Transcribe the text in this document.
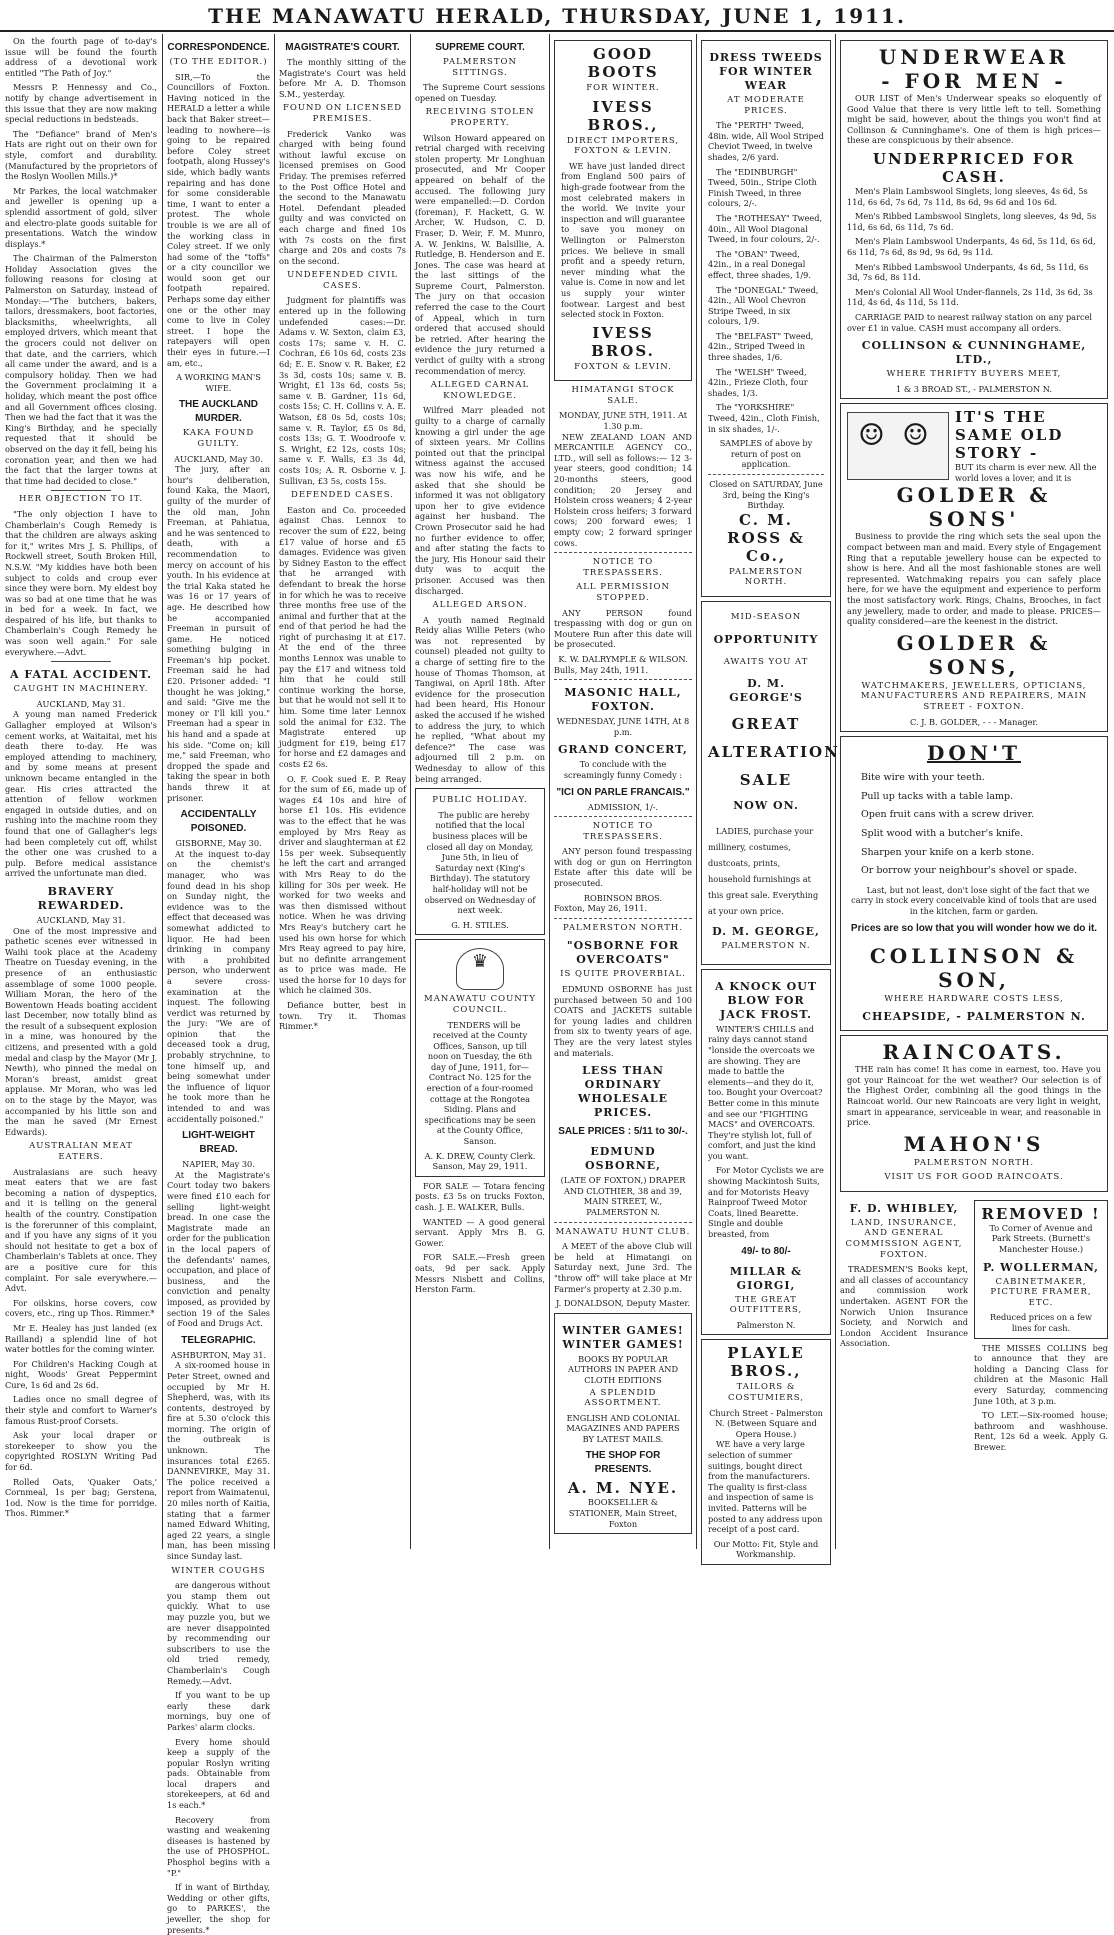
THE MANAWATU HERALD, THURSDAY, JUNE 1, 1911.

On the fourth page of to-day's issue will be found the fourth address of a devotional work entitled "The Path of Joy."

Messrs P. Hennessy and Co., notify by change advertisement in this issue that they are now making special reductions in bedsteads.

The "Defiance" brand of Men's Hats are right out on their own for style, comfort and durability. (Manufactured by the proprietors of the Roslyn Woollen Mills.)*

Mr Parkes, the local watchmaker and jeweller is opening up a splendid assortment of gold, silver and electro-plate goods suitable for presentations. Watch the window displays.*

The Chairman of the Palmerston Holiday Association gives the following reasons for closing at Palmerston on Saturday, instead of Monday:—"The butchers, bakers, tailors, dressmakers, boot factories, blacksmiths, wheelwrights, all employed drivers, which meant that the grocers could not deliver on that date, and the carriers, which all came under the award, and is a compulsory holiday. Then we had the Government proclaiming it a holiday, which meant the post office and all Government offices closing. Then we had the fact that it was the King's Birthday, and he specially requested that it should be observed on the day it fell, being his coronation year, and then we had the fact that the larger towns at that time had decided to close."

HER OBJECTION TO IT.

"The only objection I have to Chamberlain's Cough Remedy is that the children are always asking for it," writes Mrs J. S. Phillips, of Rockwell street, South Broken Hill, N.S.W. "My kiddies have both been subject to colds and croup ever since they were born. My eldest boy was so bad at one time that he was in bed for a week. In fact, we despaired of his life, but thanks to Chamberlain's Cough Remedy he was soon well again." For sale everywhere.—Advt.

A FATAL ACCIDENT.
CAUGHT IN MACHINERY.
AUCKLAND, May 31.

A young man named Frederick Gallagher employed at Wilson's cement works, at Waitaitai, met his death there to-day. He was employed attending to machinery, and by some means at present unknown became entangled in the gear. His cries attracted the attention of fellow workmen engaged in outside duties, and on rushing into the machine room they found that one of Gallagher's legs had been completely cut off, whilst the other one was crushed to a pulp. Before medical assistance arrived the unfortunate man died.

BRAVERY REWARDED.
AUCKLAND, May 31.

One of the most impressive and pathetic scenes ever witnessed in Waihi took place at the Academy Theatre on Tuesday evening, in the presence of an enthusiastic assemblage of some 1000 people. William Moran, the hero of the Bowentown Heads boating accident last December, now totally blind as the result of a subsequent explosion in a mine, was honoured by the citizens, and presented with a gold medal and clasp by the Mayor (Mr J. Newth), who pinned the medal on Moran's breast, amidst great applause. Mr Moran, who was led on to the stage by the Mayor, was accompanied by his little son and the man he saved (Mr Ernest Edwards).

AUSTRALIAN MEAT EATERS.

Australasians are such heavy meat eaters that we are fast becoming a nation of dyspeptics, and it is telling on the general health of the country. Constipation is the forerunner of this complaint, and if you have any signs of it you should not hesitate to get a box of Chamberlain's Tablets at once. They are a positive cure for this complaint. For sale everywhere.—Advt.

For oilskins, horse covers, cow covers, etc., ring up Thos. Rimmer.*

Mr E. Healey has just landed (ex Railland) a splendid line of hot water bottles for the coming winter.

For Children's Hacking Cough at night, Woods' Great Peppermint Cure, 1s 6d and 2s 6d.

Ladies once no small degree of their style and comfort to Warner's famous Rust-proof Corsets.

Ask your local draper or storekeeper to show you the copyrighted ROSLYN Writing Pad for 6d.

Rolled Oats, 'Quaker Oats,' Cornmeal, 1s per bag; Gerstena, 1od. Now is the time for porridge. Thos. Rimmer.*

CORRESPONDENCE.
(TO THE EDITOR.)

SIR,—To the Councillors of Foxton. Having noticed in the HERALD a letter a while back that Baker street—leading to nowhere—is going to be repaired before Coley street footpath, along Hussey's side, which badly wants repairing and has done for some considerable time, I want to enter a protest. The whole trouble is we are all of the working class in Coley street. If we only had some of the "toffs" or a city councillor we would soon get our footpath repaired. Perhaps some day either one or the other may come to live in Coley street. I hope the ratepayers will open their eyes in future.—I am, etc.,

A WORKING MAN'S WIFE.
THE AUCKLAND MURDER.
KAKA FOUND GUILTY.
AUCKLAND, May 30.

The jury, after an hour's deliberation, found Kaka, the Maori, guilty of the murder of the old man, John Freeman, at Pahiatua, and he was sentenced to death, with a recommendation to mercy on account of his youth. In his evidence at the trial Kaka stated he was 16 or 17 years of age. He described how he accompanied Freeman in pursuit of game. He noticed something bulging in Freeman's hip pocket. Freeman said he had £20. Prisoner added: "I thought he was joking," and said: "Give me the money or I'll kill you." Freeman had a spear in his hand and a spade at his side. "Come on; kill me," said Freeman, who dropped the spade and taking the spear in both hands threw it at prisoner.

ACCIDENTALLY POISONED.
GISBORNE, May 30.

At the inquest to-day on the chemist's manager, who was found dead in his shop on Sunday night, the evidence was to the effect that deceased was somewhat addicted to liquor. He had been drinking in company with a prohibited person, who underwent a severe cross-examination at the inquest. The following verdict was returned by the jury: "We are of opinion that the deceased took a drug, probably strychnine, to tone himself up, and being somewhat under the influence of liquor he took more than he intended to and was accidentally poisoned."

LIGHT-WEIGHT BREAD.
NAPIER, May 30.

At the Magistrate's Court today two bakers were fined £10 each for selling light-weight bread. In one case the Magistrate made an order for the publication in the local papers of the defendants' names, occupation, and place of business, and the conviction and penalty imposed, as provided by section 19 of the Sales of Food and Drugs Act.

TELEGRAPHIC.
ASHBURTON, May 31.

A six-roomed house in Peter Street, owned and occupied by Mr H. Shepherd, was, with its contents, destroyed by fire at 5.30 o'clock this morning. The origin of the outbreak is unknown. The insurances total £265. DANNEVIRKE, May 31. The police received a report from Waimatenui, 20 miles north of Kaitia, stating that a farmer named Edward Whiting, aged 22 years, a single man, has been missing since Sunday last.

WINTER COUGHS

are dangerous without you stamp them out quickly. What to use may puzzle you, but we are never disappointed by recommending our subscribers to use the old tried remedy, Chamberlain's Cough Remedy.—Advt.

If you want to be up early these dark mornings, buy one of Parkes' alarm clocks.

Every home should keep a supply of the popular Roslyn writing pads. Obtainable from local drapers and storekeepers, at 6d and 1s each.*

Recovery from wasting and weakening diseases is hastened by the use of PHOSPHOL. Phosphol begins with a "P."

If in want of Birthday, Wedding or other gifts, go to PARKES', the jeweller, the shop for presents.*

MAGISTRATE'S COURT.

The monthly sitting of the Magistrate's Court was held before Mr A. D. Thomson S.M., yesterday.

FOUND ON LICENSED PREMISES.

Frederick Vanko was charged with being found without lawful excuse on licensed premises on Good Friday. The premises referred to the Post Office Hotel and the second to the Manawatu Hotel. Defendant pleaded guilty and was convicted on each charge and fined 10s with 7s costs on the first charge and 20s and costs 7s on the second.

UNDEFENDED CIVIL CASES.

Judgment for plaintiffs was entered up in the following undefended cases:—Dr. Adams v. W. Sexton, claim £3, costs 17s; same v. H. C. Cochran, £6 10s 6d, costs 23s 6d; E. E. Snow v. R. Baker, £2 3s 3d, costs 10s; same v. B. Wright, £1 13s 6d, costs 5s; same v. B. Gardner, 11s 6d, costs 15s; C. H. Collins v. A. E. Watson, £8 0s 5d, costs 10s; same v. R. Taylor, £5 0s 8d, costs 13s; G. T. Woodroofe v. S. Wright, £2 12s, costs 10s; same v. F. Walls, £3 3s 4d, costs 10s; A. R. Osborne v. J. Sullivan, £3 5s, costs 15s.

DEFENDED CASES.

Easton and Co. proceeded against Chas. Lennox to recover the sum of £22, being £17 value of horse and £5 damages. Evidence was given by Sidney Easton to the effect that he arranged with defendant to break the horse in for which he was to receive three months free use of the animal and further that at the end of that period he had the right of purchasing it at £17. At the end of the three months Lennox was unable to pay the £17 and witness told him that he could still continue working the horse, but that he would not sell it to him. Some time later Lennox sold the animal for £32. The Magistrate entered up judgment for £19, being £17 for horse and £2 damages and costs £2 6s.

O. F. Cook sued E. P. Reay for the sum of £6, made up of wages £4 10s and hire of horse £1 10s. His evidence was to the effect that he was employed by Mrs Reay as driver and slaughterman at £2 15s per week. Subsequently he left the cart and arranged with Mrs Reay to do the killing for 30s per week. He worked for two weeks and was then dismissed without notice. When he was driving Mrs Reay's butchery cart he used his own horse for which Mrs Reay agreed to pay hire, but no definite arrangement as to price was made. He used the horse for 10 days for which he claimed 30s.

Defiance butter, best in town. Try it. Thomas Rimmer.*

SUPREME COURT.
PALMERSTON SITTINGS.

The Supreme Court sessions opened on Tuesday.

RECEIVING STOLEN PROPERTY.

Wilson Howard appeared on retrial charged with receiving stolen property. Mr Longhuan prosecuted, and Mr Cooper appeared on behalf of the accused. The following jury were empanelled:—D. Cordon (foreman), F. Hackett, G. W. Archer, W. Hudson, C. D. Fraser, D. Weir, F. M. Munro, A. W. Jenkins, W. Balsillie, A. Rutledge, B. Henderson and E. Jones. The case was heard at the last sittings of the Supreme Court, Palmerston. The jury on that occasion referred the case to the Court of Appeal, which in turn ordered that accused should be retried. After hearing the evidence the jury returned a verdict of guilty with a strong recommendation of mercy.

ALLEGED CARNAL KNOWLEDGE.

Wilfred Marr pleaded not guilty to a charge of carnally knowing a girl under the age of sixteen years. Mr Collins pointed out that the principal witness against the accused was now his wife, and he asked that she should be informed it was not obligatory upon her to give evidence against her husband. The Crown Prosecutor said he had no further evidence to offer, and after stating the facts to the jury, His Honour said their duty was to acquit the prisoner. Accused was then discharged.

ALLEGED ARSON.

A youth named Reginald Reidy alias Willie Peters (who was not represented by counsel) pleaded not guilty to a charge of setting fire to the house of Thomas Thomson, at Tangiwai, on April 18th. After evidence for the prosecution had been heard, His Honour asked the accused if he wished to address the jury, to which he replied, "What about my defence?" The case was adjourned till 2 p.m. on Wednesday to allow of this being arranged.

PUBLIC HOLIDAY.

The public are hereby notified that the local business places will be closed all day on Monday, June 5th, in lieu of Saturday next (King's Birthday). The statutory half-holiday will not be observed on Wednesday of next week.

G. H. STILES.
♛
MANAWATU COUNTY COUNCIL.

TENDERS will be received at the County Offices, Sanson, up till noon on Tuesday, the 6th day of June, 1911, for—Contract No. 125 for the erection of a four-roomed cottage at the Rongotea Siding. Plans and specifications may be seen at the County Office, Sanson.

A. K. DREW, County Clerk.
Sanson, May 29, 1911.

FOR SALE — Totara fencing posts. £3 5s on trucks Foxton, cash. J. E. WALKER, Bulls.

WANTED — A good general servant. Apply Mrs B. G. Gower.

FOR SALE.—Fresh green oats, 9d per sack. Apply Messrs Nisbett and Collins, Herston Farm.

GOOD BOOTS
FOR WINTER.
IVESS BROS.,
DIRECT IMPORTERS, FOXTON & LEVIN.

WE have just landed direct from England 500 pairs of high-grade footwear from the most celebrated makers in the world. We invite your inspection and will guarantee to save you money on Wellington or Palmerston prices. We believe in small profit and a speedy return, never minding what the value is. Come in now and let us supply your winter footwear. Largest and best selected stock in Foxton.

IVESS BROS.
FOXTON & LEVIN.
HIMATANGI STOCK SALE.
MONDAY, JUNE 5TH, 1911. At 1.30 p.m.

NEW ZEALAND LOAN AND MERCANTILE AGENCY CO., LTD., will sell as follows:— 12 3-year steers, good condition; 14 20-months steers, good condition; 20 Jersey and Holstein cross weaners; 4 2-year Holstein cross heifers; 3 forward cows; 200 forward ewes; 1 empty cow; 2 forward springer cows.

NOTICE TO TRESPASSERS.
ALL PERMISSION STOPPED.

ANY PERSON found trespassing with dog or gun on Moutere Run after this date will be prosecuted.

K. W. DALRYMPLE & WILSON.
Bulls, May 24th, 1911.
MASONIC HALL, FOXTON.
WEDNESDAY, JUNE 14TH, At 8 p.m.
GRAND CONCERT,
To conclude with the screamingly funny Comedy :
"ICI ON PARLE FRANCAIS."
ADMISSION, 1/-.
NOTICE TO TRESPASSERS.

ANY person found trespassing with dog or gun on Herrington Estate after this date will be prosecuted.

ROBINSON BROS.
Foxton, May 26, 1911.
PALMERSTON NORTH.
"OSBORNE FOR OVERCOATS"
IS QUITE PROVERBIAL.

EDMUND OSBORNE has just purchased between 50 and 100 COATS and JACKETS suitable for young ladies and children from six to twenty years of age. They are the very latest styles and materials.

LESS THAN ORDINARY WHOLESALE PRICES.
SALE PRICES : 5/11 to 30/-.
EDMUND OSBORNE,
(LATE OF FOXTON,) DRAPER AND CLOTHIER, 38 and 39, MAIN STREET, W., PALMERSTON N.
MANAWATU HUNT CLUB.

A MEET of the above Club will be held at Himatangi on Saturday next, June 3rd. The "throw off" will take place at Mr Farmer's property at 2.30 p.m.

J. DONALDSON, Deputy Master.
WINTER GAMES! WINTER GAMES!
BOOKS BY POPULAR AUTHORS IN PAPER AND CLOTH EDITIONS
A SPLENDID ASSORTMENT.
ENGLISH AND COLONIAL MAGAZINES AND PAPERS BY LATEST MAILS.
THE SHOP FOR PRESENTS.
A. M. NYE.
BOOKSELLER & STATIONER, Main Street, Foxton
DRESS TWEEDS FOR WINTER WEAR
AT MODERATE PRICES.

The "PERTH" Tweed, 48in. wide, All Wool Striped Cheviot Tweed, in twelve shades, 2/6 yard.

The "EDINBURGH" Tweed, 50in., Stripe Cloth Finish Tweed, in three colours, 2/-.

The "ROTHESAY" Tweed, 40in., All Wool Diagonal Tweed, in four colours, 2/-.

The "OBAN" Tweed, 42in., in a real Donegal effect, three shades, 1/9.

The "DONEGAL" Tweed, 42in., All Wool Chevron Stripe Tweed, in six colours, 1/9.

The "BELFAST" Tweed, 42in., Striped Tweed in three shades, 1/6.

The "WELSH" Tweed, 42in., Frieze Cloth, four shades, 1/3.

The "YORKSHIRE" Tweed, 42in., Cloth Finish, in six shades, 1/-.

SAMPLES of above by return of post on application.
Closed on SATURDAY, June 3rd, being the King's Birthday.
C. M. ROSS & Co.,
PALMERSTON NORTH.
MID-SEASON
OPPORTUNITY
AWAITS YOU AT
D. M. GEORGE'S
GREAT
ALTERATION
SALE
NOW ON.

LADIES, purchase your millinery, costumes, dustcoats, prints, household furnishings at this great sale. Everything at your own price.

D. M. GEORGE,
PALMERSTON N.
A KNOCK OUT BLOW FOR JACK FROST.

WINTER'S CHILLS and rainy days cannot stand "lonside the overcoats we are showing. They are made to battle the elements—and they do it, too. Bought your Overcoat? Better come in this minute and see our "FIGHTING MACS" and OVERCOATS. They're stylish lot, full of comfort, and just the kind you want.

For Motor Cyclists we are showing Mackintosh Suits, and for Motorists Heavy Rainproof Tweed Motor Coats, lined Bearette. Single and double breasted, from

49/- to 80/-
MILLAR & GIORGI,
THE GREAT OUTFITTERS,
Palmerston N.
PLAYLE BROS.,
TAILORS & COSTUMIERS,
Church Street - Palmerston N. (Between Square and Opera House.)

WE have a very large selection of summer suitings, bought direct from the manufacturers. The quality is first-class and inspection of same is invited. Patterns will be posted to any address upon receipt of a post card.

Our Motto: Fit, Style and Workmanship.
UNDERWEAR
- FOR MEN -

OUR LIST of Men's Underwear speaks so eloquently of Good Value that there is very little left to tell. Something might be said, however, about the things you won't find at Collinson & Cunninghame's. One of them is high prices—these are conspicuous by their absence.

UNDERPRICED FOR CASH.

Men's Plain Lambswool Singlets, long sleeves, 4s 6d, 5s 11d, 6s 6d, 7s 6d, 7s 11d, 8s 6d, 9s 6d and 10s 6d.

Men's Ribbed Lambswool Singlets, long sleeves, 4s 9d, 5s 11d, 6s 6d, 6s 11d, 7s 6d.

Men's Plain Lambswool Underpants, 4s 6d, 5s 11d, 6s 6d, 6s 11d, 7s 6d, 8s 9d, 9s 6d, 9s 11d.

Men's Ribbed Lambswool Underpants, 4s 6d, 5s 11d, 6s 3d, 7s 6d, 8s 11d.

Men's Colonial All Wool Under-flannels, 2s 11d, 3s 6d, 3s 11d, 4s 6d, 4s 11d, 5s 11d.

CARRIAGE PAID to nearest railway station on any parcel over £1 in value. CASH must accompany all orders.

COLLINSON & CUNNINGHAME, LTD.,
WHERE THRIFTY BUYERS MEET,
1 & 3 BROAD ST., - PALMERSTON N.
☺ ☺
IT'S THE SAME OLD STORY -
BUT its charm is ever new. All the world loves a lover, and it is
GOLDER & SONS'

Business to provide the ring which sets the seal upon the compact between man and maid. Every style of Engagement Ring that a reputable jewellery house can be expected to show is here. And all the most fashionable stones are well represented. Watchmaking repairs you can safely place here, for we have the equipment and experience to perform the most satisfactory work. Rings, Chains, Brooches, in fact any jewellery, made to order, and made to please. PRICES—quality considered—are the keenest in the district.

GOLDER & SONS,
WATCHMAKERS, JEWELLERS, OPTICIANS, MANUFACTURERS AND REPAIRERS, MAIN STREET - FOXTON.
C. J. B. GOLDER, - - - Manager.
DON'T
Bite wire with your teeth.
Pull up tacks with a table lamp.
Open fruit cans with a screw driver.
Split wood with a butcher's knife.
Sharpen your knife on a kerb stone.
Or borrow your neighbour's shovel or spade.

Last, but not least, don't lose sight of the fact that we carry in stock every conceivable kind of tools that are used in the kitchen, farm or garden.

Prices are so low that you will wonder how we do it.
COLLINSON & SON,
WHERE HARDWARE COSTS LESS,
CHEAPSIDE, - PALMERSTON N.
RAINCOATS.

THE rain has come! It has come in earnest, too. Have you got your Raincoat for the wet weather? Our selection is of the Highest Order, combining all the good things in the Raincoat world. Our new Raincoats are very light in weight, smart in appearance, serviceable in wear, and reasonable in price.

MAHON'S
PALMERSTON NORTH.
VISIT US FOR GOOD RAINCOATS.
F. D. WHIBLEY,
LAND, INSURANCE, AND GENERAL COMMISSION AGENT, FOXTON.

TRADESMEN'S Books kept, and all classes of accountancy and commission work undertaken. AGENT FOR the Norwich Union Insurance Society, and Norwich and London Accident Insurance Association.

REMOVED !
To Corner of Avenue and Park Streets. (Burnett's Manchester House.)
P. WOLLERMAN,
CABINETMAKER, PICTURE FRAMER, ETC.
Reduced prices on a few lines for cash.

THE MISSES COLLINS beg to announce that they are holding a Dancing Class for children at the Masonic Hall every Saturday, commencing June 10th, at 3 p.m.

TO LET.—Six-roomed house; bathroom and washhouse. Rent, 12s 6d a week. Apply G. Brewer.
